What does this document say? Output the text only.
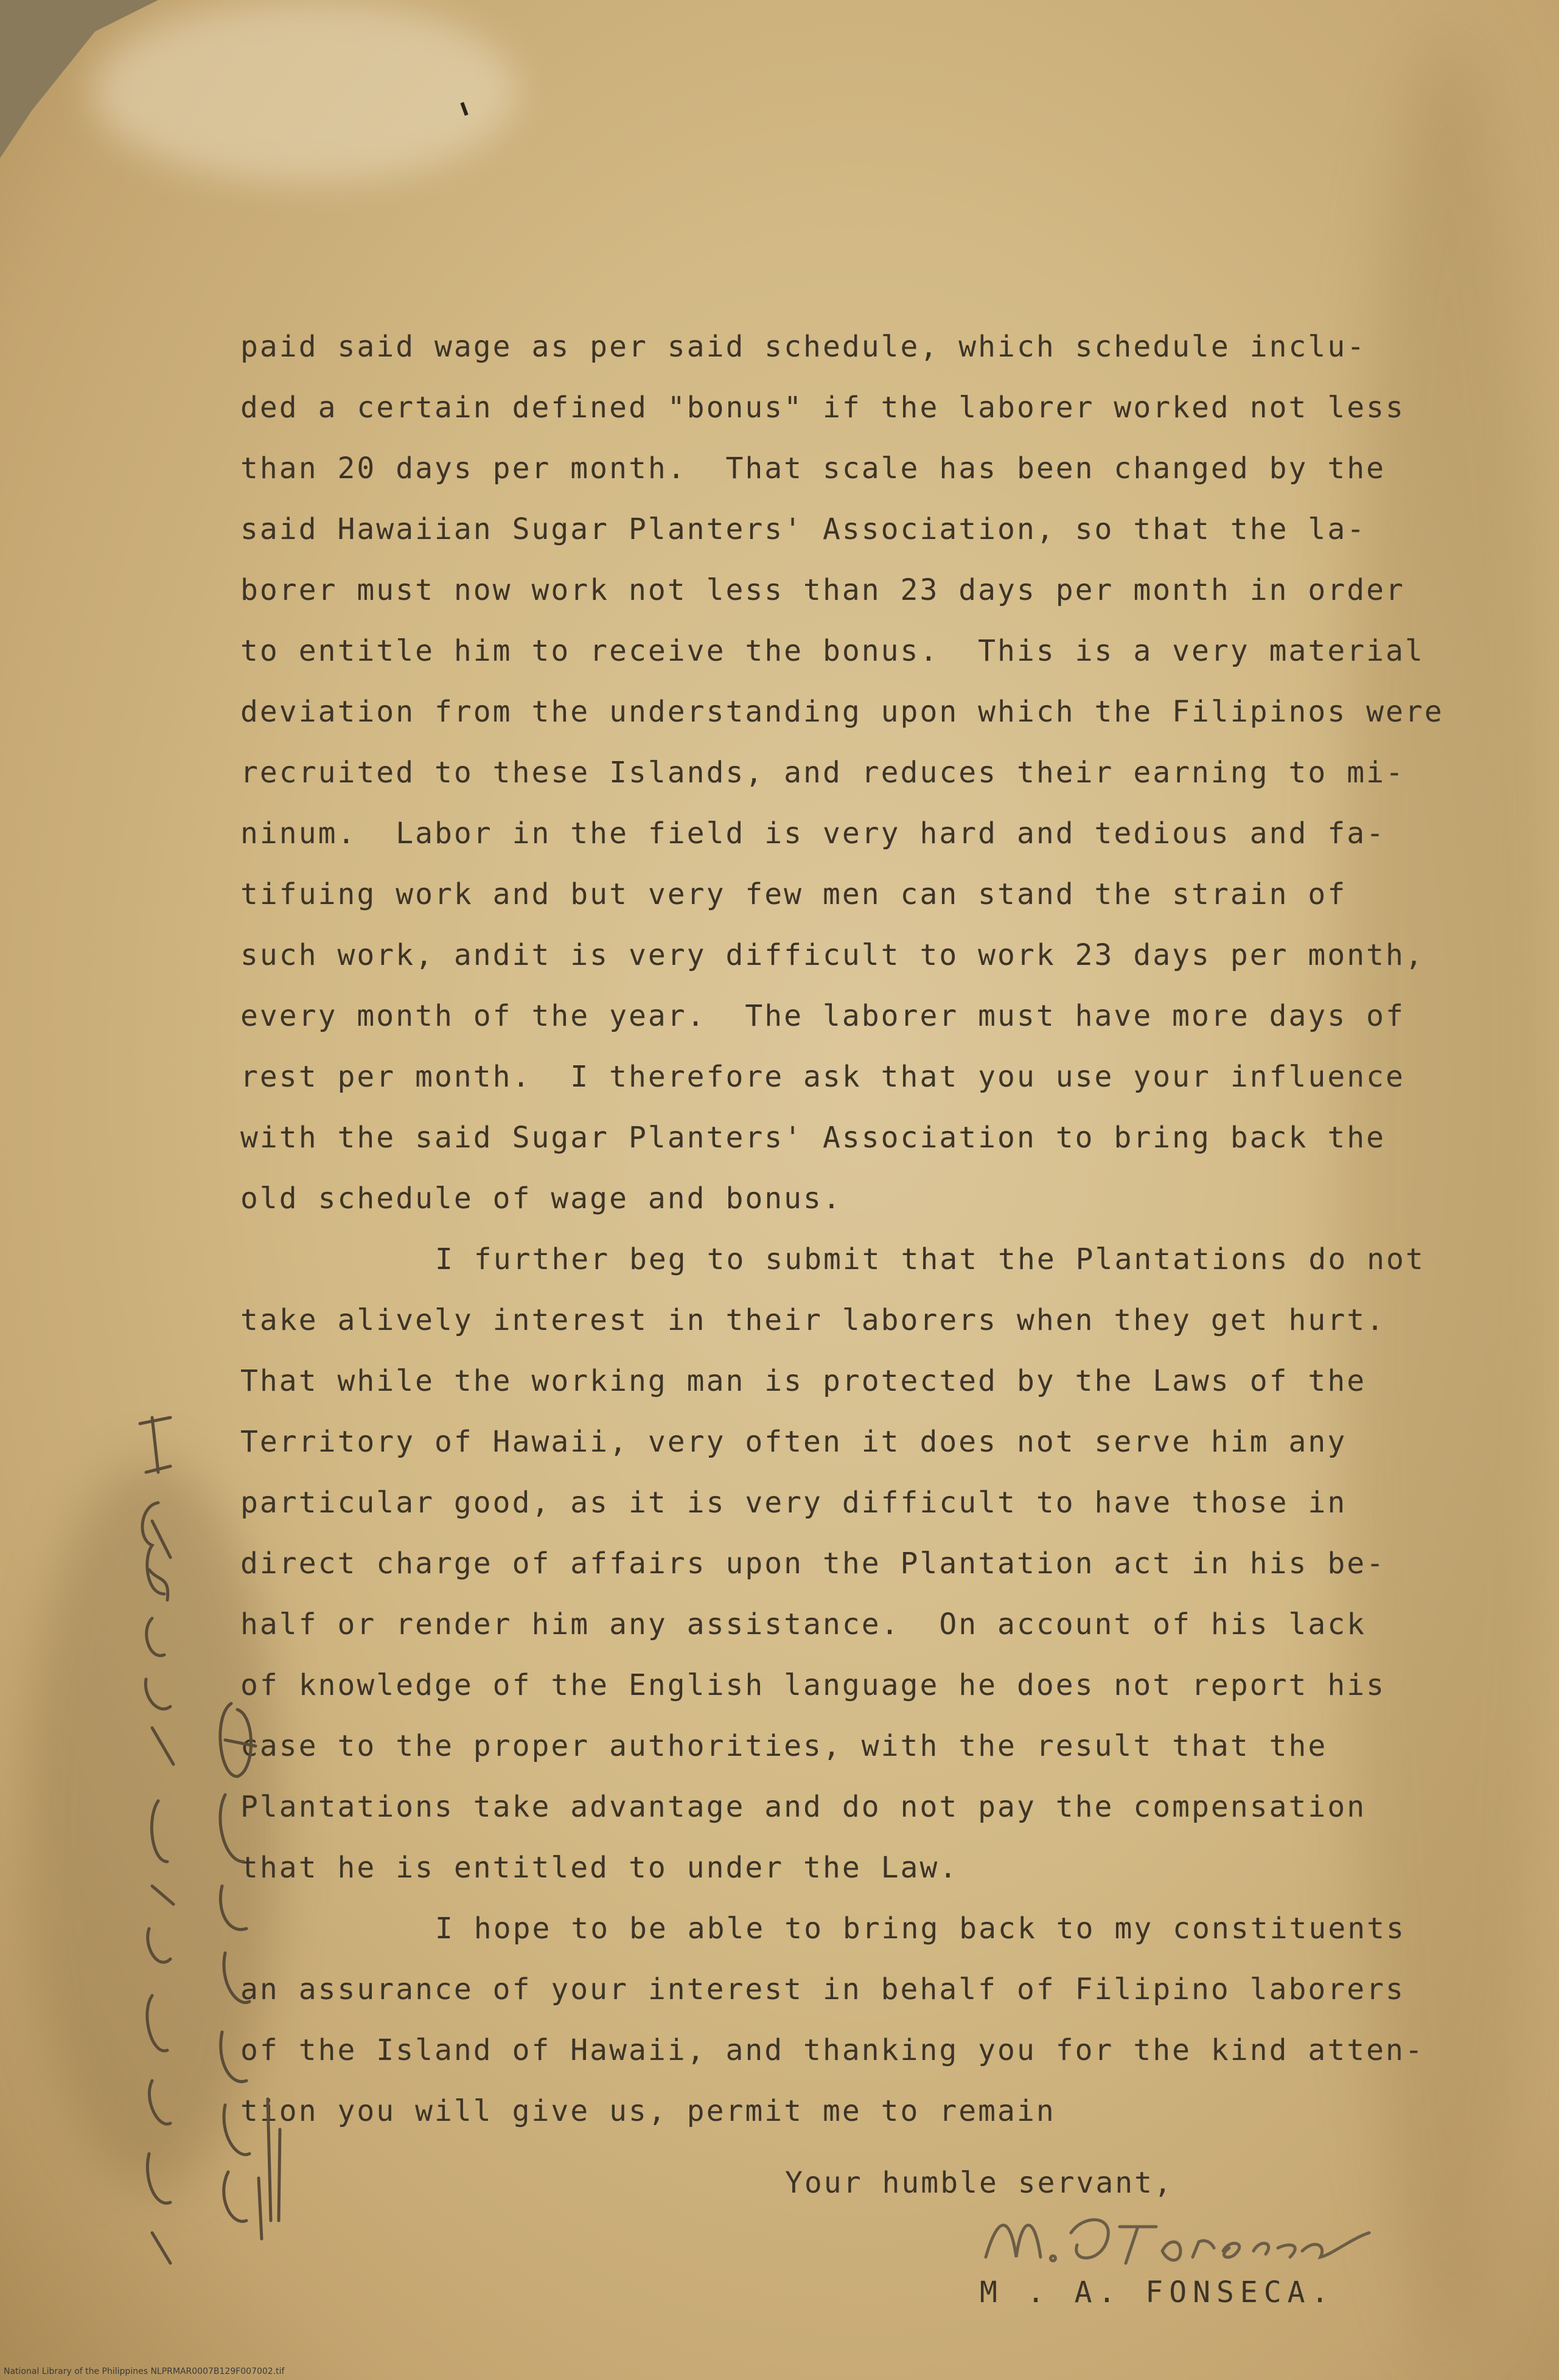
paid said wage as per said schedule, which schedule inclu-
ded a certain defined "bonus" if the laborer worked not less
than 20 days per month.  That scale has been changed by the
said Hawaiian Sugar Planters' Association, so that the la-
borer must now work not less than 23 days per month in order
to entitle him to receive the bonus.  This is a very material
deviation from the understanding upon which the Filipinos were
recruited to these Islands, and reduces their earning to mi-
ninum.  Labor in the field is very hard and tedious and fa-
tifuing work and but very few men can stand the strain of
such work, andit is very difficult to work 23 days per month,
every month of the year.  The laborer must have more days of
rest per month.  I therefore ask that you use your influence
with the said Sugar Planters' Association to bring back the
old schedule of wage and bonus.
I further beg to submit that the Plantations do not
take alively interest in their laborers when they get hurt.
That while the working man is protected by the Laws of the
Territory of Hawaii, very often it does not serve him any
particular good, as it is very difficult to have those in
direct charge of affairs upon the Plantation act in his be-
half or render him any assistance.  On account of his lack
of knowledge of the English language he does not report his
case to the proper authorities, with the result that the
Plantations take advantage and do not pay the compensation
that he is entitled to under the Law.
I hope to be able to bring back to my constituents
an assurance of your interest in behalf of Filipino laborers
of the Island of Hawaii, and thanking you for the kind atten-
tion you will give us, permit me to remain
Your humble servant,
M . A. FONSECA.
National Library of the Philippines NLPRMAR0007B129F007002.tif
